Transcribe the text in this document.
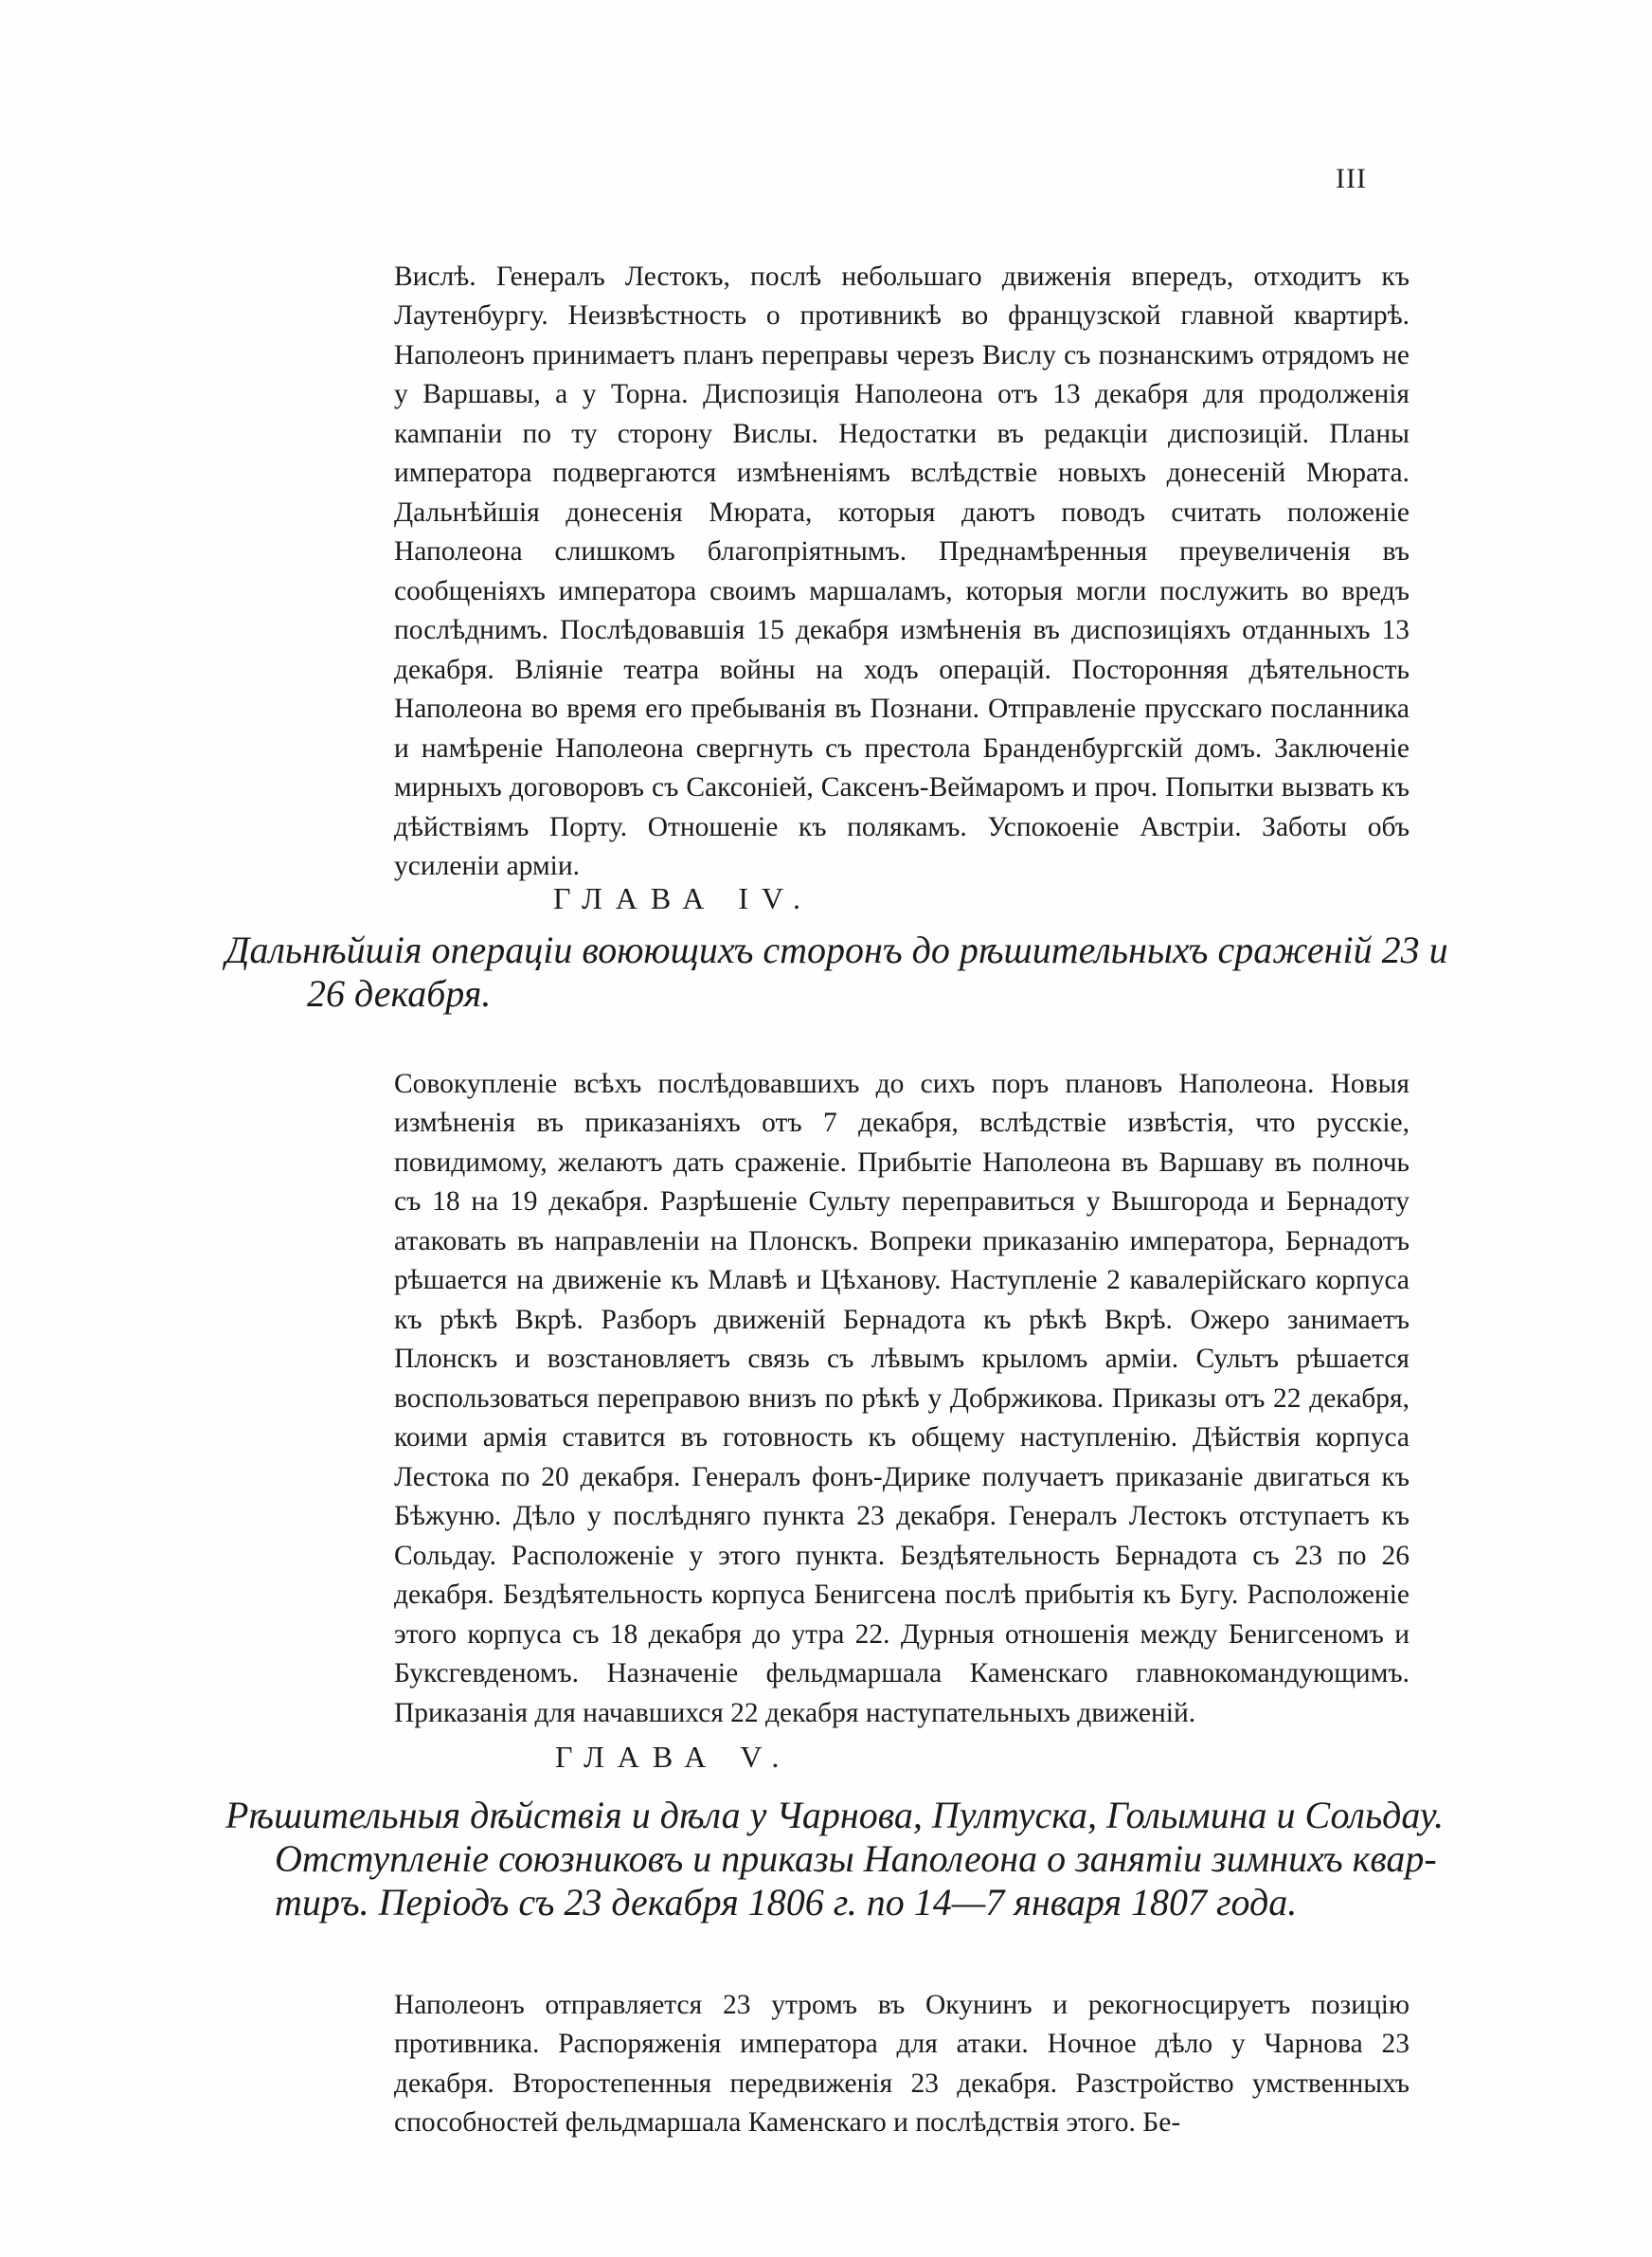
III

Вислѣ. Генералъ Лестокъ, послѣ небольшаго движенія впередъ, отходитъ къ Лаутенбургу. Неизвѣстность о противникѣ во французской главной квартирѣ. Наполеонъ принимаетъ планъ переправы черезъ Вислу съ познанскимъ отрядомъ не у Варшавы, а у Торна. Диспозиція Наполеона отъ 13 декабря для продолженія кампаніи по ту сторону Вислы. Недостатки въ редакціи диспозицій. Планы императора подвергаются измѣненіямъ вслѣдствіе новыхъ донесеній Мюрата. Дальнѣйшія донесенія Мюрата, которыя даютъ поводъ считать положеніе Наполеона слишкомъ благопріятнымъ. Преднамѣренныя преувеличенія въ сообщеніяхъ императора своимъ маршаламъ, которыя могли послужить во вредъ послѣднимъ. Послѣдовавшія 15 декабря измѣненія въ диспозиціяхъ отданныхъ 13 декабря. Вліяніе театра войны на ходъ операцій. Посторонняя дѣятельность Наполеона во время его пребыванія въ Познани. Отправленіе прусскаго посланника и намѣреніе Наполеона свергнуть съ престола Бранденбургскій домъ. Заключеніе мирныхъ договоровъ съ Саксоніей, Саксенъ-Веймаромъ и проч. Попытки вызвать къ дѣйствіямъ Порту. Отношеніе къ полякамъ. Успокоеніе Австріи. Заботы объ усиленіи арміи.

ГЛАВА IV.
Дальнѣйшія операціи воюющихъ сторонъ до рѣшительныхъ сраженій 23 и
26 декабря.

Совокупленіе всѣхъ послѣдовавшихъ до сихъ поръ плановъ Наполеона. Новыя измѣненія въ приказаніяхъ отъ 7 декабря, вслѣдствіе извѣстія, что русскіе, повидимому, желаютъ дать сраженіе. Прибытіе Наполеона въ Варшаву въ полночь съ 18 на 19 декабря. Разрѣшеніе Сульту переправиться у Вышгорода и Бернадоту атаковать въ направленіи на Плонскъ. Вопреки приказанію императора, Бернадотъ рѣшается на движеніе къ Млавѣ и Цѣханову. Наступленіе 2 кавалерійскаго корпуса къ рѣкѣ Вкрѣ. Разборъ движеній Бернадота къ рѣкѣ Вкрѣ. Ожеро занимаетъ Плонскъ и возстановляетъ связь съ лѣвымъ крыломъ арміи. Сультъ рѣшается воспользоваться переправою внизъ по рѣкѣ у Добржикова. Приказы отъ 22 декабря, коими армія ставится въ готовность къ общему наступленію. Дѣйствія корпуса Лестока по 20 декабря. Генералъ фонъ-Дирике получаетъ приказаніе двигаться къ Бѣжуню. Дѣло у послѣдняго пункта 23 декабря. Генералъ Лестокъ отступаетъ къ Сольдау. Расположеніе у этого пункта. Бездѣятельность Бернадота съ 23 по 26 декабря. Бездѣятельность корпуса Бенигсена послѣ прибытія къ Бугу. Расположеніе этого корпуса съ 18 декабря до утра 22. Дурныя отношенія между Бенигсеномъ и Буксгевденомъ. Назначеніе фельдмаршала Каменскаго главнокомандующимъ. Приказанія для начавшихся 22 декабря наступательныхъ движеній.

ГЛАВА V.
Рѣшительныя дѣйствія и дѣла у Чарнова, Пултуска, Голымина и Сольдау.
Отступленіе союзниковъ и приказы Наполеона о занятіи зимнихъ квар-
тиръ. Періодъ съ 23 декабря 1806 г. по 14—7 января 1807 года.

Наполеонъ отправляется 23 утромъ въ Окунинъ и рекогносцируетъ позицію противника. Распоряженія императора для атаки. Ночное дѣло у Чарнова 23 декабря. Второстепенныя передвиженія 23 декабря. Разстройство умственныхъ способностей фельдмаршала Каменскаго и послѣдствія этого. Бе-
